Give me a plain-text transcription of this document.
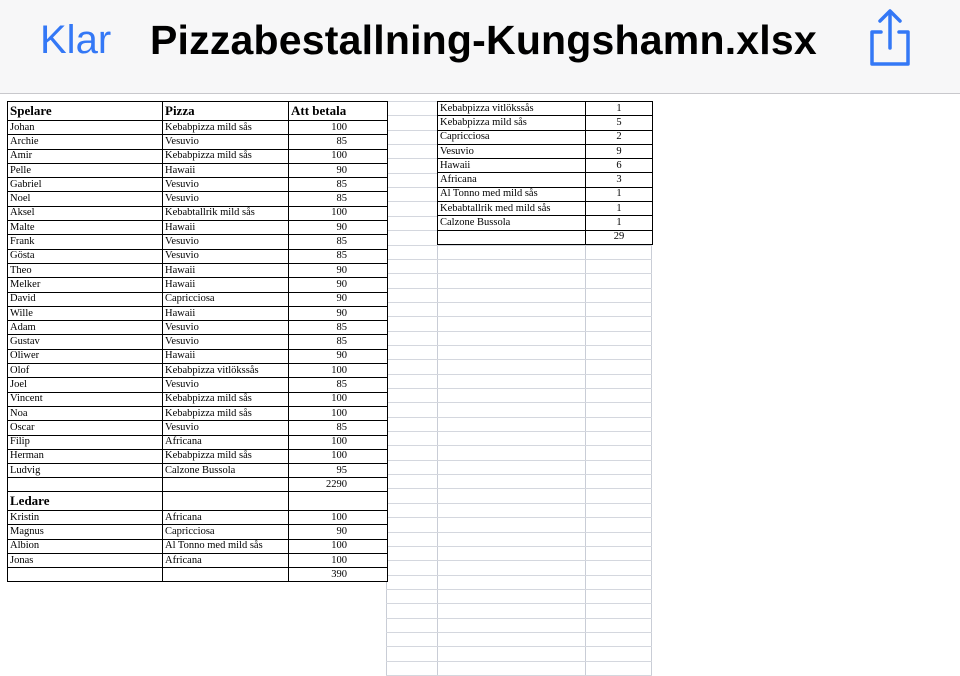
Klar Pizzabestallning-Kungshamn.xlsx
Spelare	Pizza	Att betala
Johan	Kebabpizza mild sås	100
Archie	Vesuvio	85
Amir	Kebabpizza mild sås	100
Pelle	Hawaii	90
Gabriel	Vesuvio	85
Noel	Vesuvio	85
Aksel	Kebabtallrik mild sås	100
Malte	Hawaii	90
Frank	Vesuvio	85
Gösta	Vesuvio	85
Theo	Hawaii	90
Melker	Hawaii	90
David	Capricciosa	90
Wille	Hawaii	90
Adam	Vesuvio	85
Gustav	Vesuvio	85
Oliwer	Hawaii	90
Olof	Kebabpizza vitlökssås	100
Joel	Vesuvio	85
Vincent	Kebabpizza mild sås	100
Noa	Kebabpizza mild sås	100
Oscar	Vesuvio	85
Filip	Africana	100
Herman	Kebabpizza mild sås	100
Ludvig	Calzone Bussola	95
		2290
Ledare		
Kristin	Africana	100
Magnus	Capricciosa	90
Albion	Al Tonno med mild sås	100
Jonas	Africana	100
		390
Kebabpizza vitlökssås	1
Kebabpizza mild sås	5
Capricciosa	2
Vesuvio	9
Hawaii	6
Africana	3
Al Tonno med mild sås	1
Kebabtallrik med mild sås	1
Calzone Bussola	1
	29
